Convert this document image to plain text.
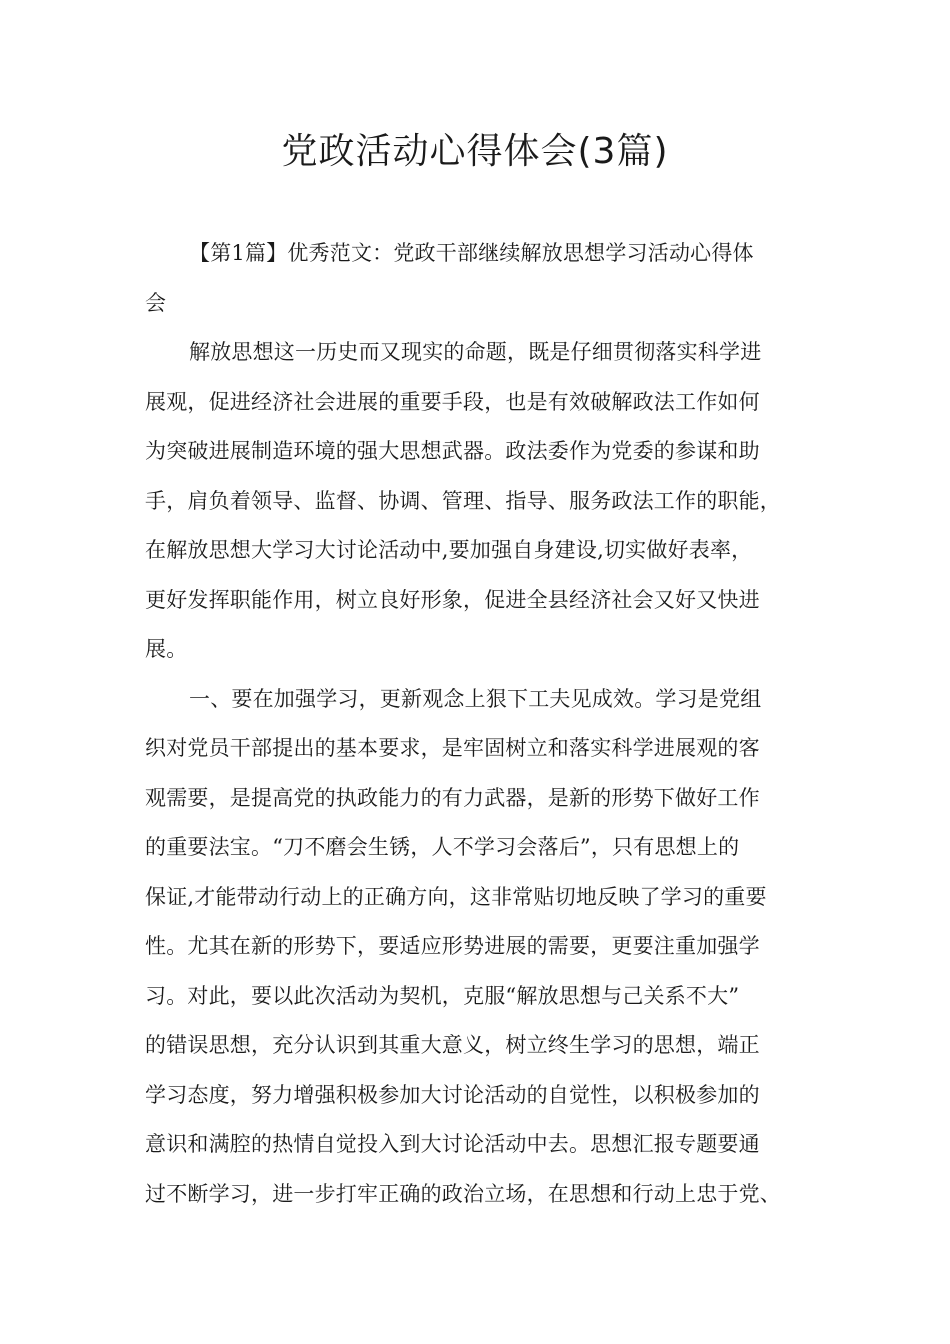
党政活动心得体会(3篇)

【第1篇】优秀范文：党政干部继续解放思想学习活动心得体
会

解放思想这一历史而又现实的命题，既是仔细贯彻落实科学进
展观，促进经济社会进展的重要手段，也是有效破解政法工作如何
为突破进展制造环境的强大思想武器。政法委作为党委的参谋和助
手，肩负着领导、监督、协调、管理、指导、服务政法工作的职能，
在解放思想大学习大讨论活动中,要加强自身建设,切实做好表率，
更好发挥职能作用，树立良好形象，促进全县经济社会又好又快进
展。

一、要在加强学习，更新观念上狠下工夫见成效。学习是党组
织对党员干部提出的基本要求，是牢固树立和落实科学进展观的客
观需要，是提高党的执政能力的有力武器，是新的形势下做好工作
的重要法宝。“刀不磨会生锈，人不学习会落后”，只有思想上的
保证,才能带动行动上的正确方向，这非常贴切地反映了学习的重要
性。尤其在新的形势下，要适应形势进展的需要，更要注重加强学
习。对此，要以此次活动为契机，克服“解放思想与己关系不大”
的错误思想，充分认识到其重大意义，树立终生学习的思想，端正
学习态度，努力增强积极参加大讨论活动的自觉性，以积极参加的
意识和满腔的热情自觉投入到大讨论活动中去。思想汇报专题要通
过不断学习，进一步打牢正确的政治立场，在思想和行动上忠于党、
